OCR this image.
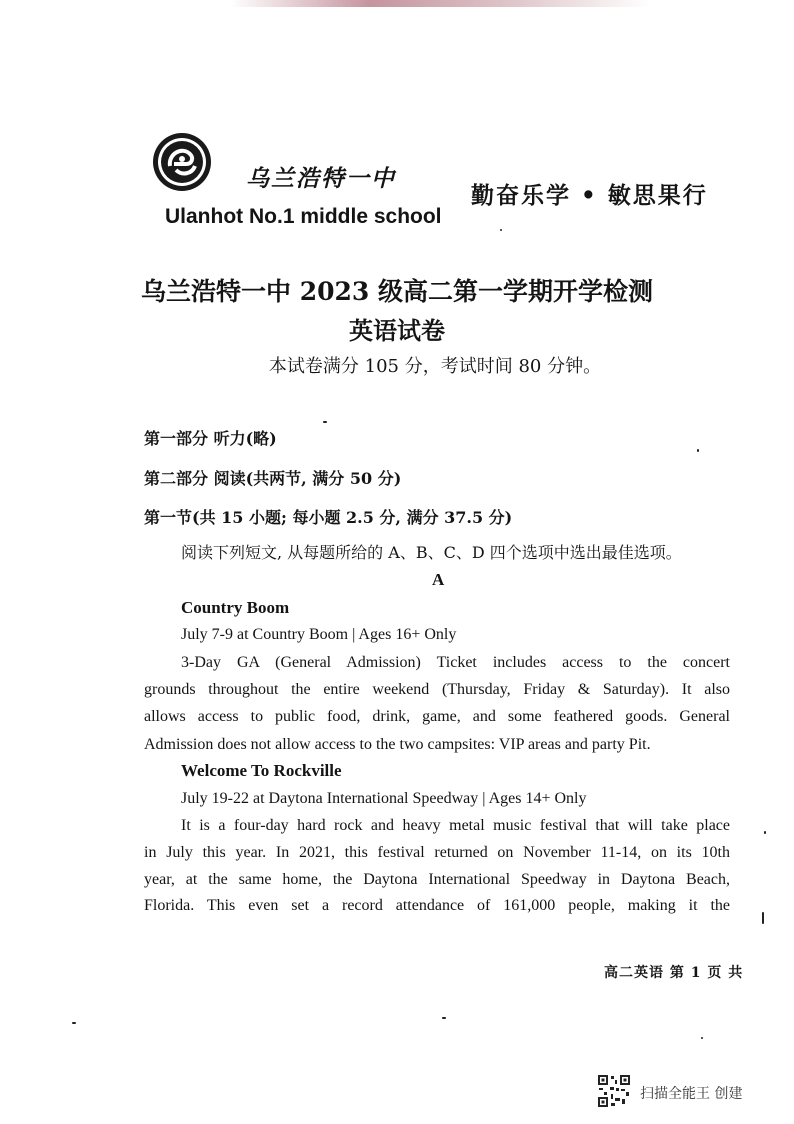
乌兰浩特一中
Ulanhot No.1 middle school
勤奋乐学 • 敏思果行
乌兰浩特一中 2023 级高二第一学期开学检测
英语试卷
本试卷满分 105 分，考试时间 80 分钟。
第一部分 听力(略)
第二部分 阅读(共两节, 满分 50 分)
第一节(共 15 小题; 每小题 2.5 分, 满分 37.5 分)
阅读下列短文, 从每题所给的 A、B、C、D 四个选项中选出最佳选项。
A
Country Boom
July 7-9 at Country Boom | Ages 16+ Only
3-Day GA (General Admission) Ticket includes access to the concert
grounds throughout the entire weekend (Thursday, Friday & Saturday). It also
allows access to public food, drink, game, and some feathered goods. General
Admission does not allow access to the two campsites: VIP areas and party Pit.
Welcome To Rockville
July 19-22 at Daytona International Speedway | Ages 14+ Only
It is a four-day hard rock and heavy metal music festival that will take place
in July this year. In 2021, this festival returned on November 11-14, on its 10th
year, at the same home, the Daytona International Speedway in Daytona Beach,
Florida. This even set a record attendance of 161,000 people, making it the
高二英语 第 1 页 共
扫描全能王 创建
